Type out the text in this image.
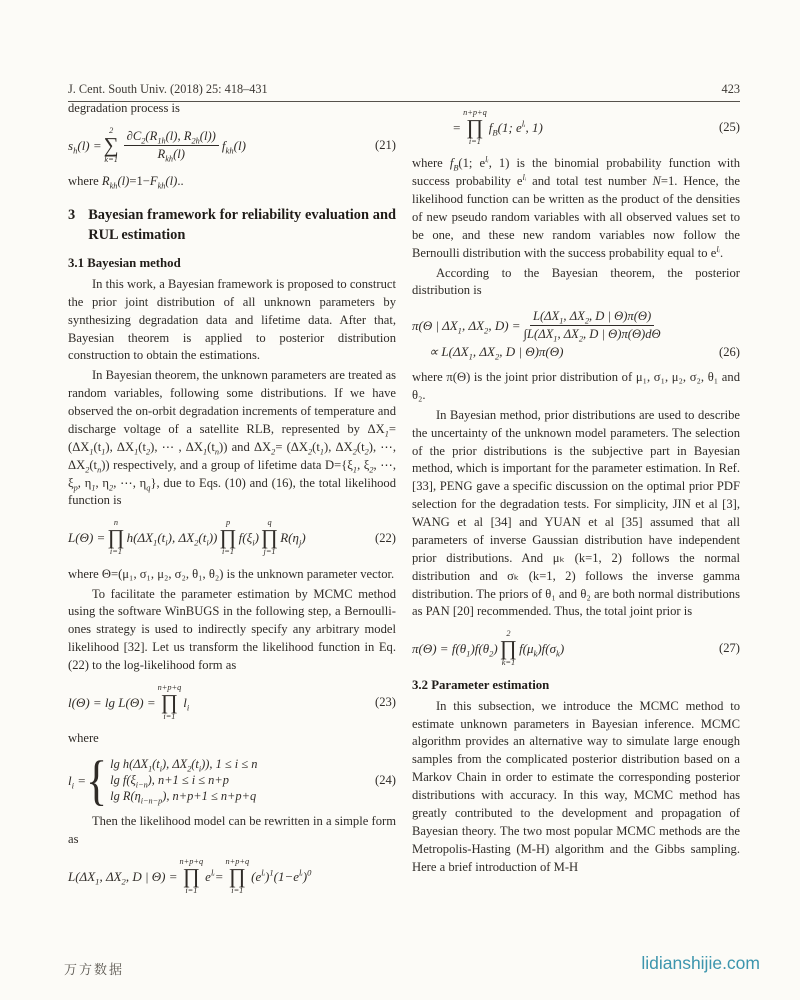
J. Cent. South Univ. (2018) 25: 418–431	423

degradation process is

$s_h(l)$ =
2
∑
$k=1 \frac{\partial C_2(R_{1h}(l), R_{2h}(l))}{R_{kh}(l)} f_{kh}(l)$	(21)

where $R_{kh}(l)=1-F_{kh}(l)$..

3 Bayesian framework for reliability evaluation and RUL estimation

3.1 Bayesian method

In this work, a Bayesian framework is proposed to construct the prior joint distribution of all unknown parameters by synthesizing degradation data and lifetime data. After that, Bayesian theorem is applied to posterior distribution construction to obtain the estimations.

In Bayesian theorem, the unknown parameters are treated as random variables, following some distributions. If we have observed the on-orbit degradation increments of temperature and discharge voltage of a satellite RLB, represented by $\Delta X_1=(\Delta X_1(t_1)$, $\Delta X_1(t_2)$, ⋯ , $\Delta X_1(t_n)$) and $\Delta X_2= (\Delta X_2(t_1)$, $\Delta X_2(t_2)$, ⋯, $\Delta X_2(t_n)$) respectively, and a group of lifetime data $D=\{\xi_1$, $\xi_2$, ⋯, $\xi_p$, $\eta_1$, $\eta_2$, ⋯, $\eta_q$}, due to Eqs. (10) and (16), the total likelihood function is

L(Θ) =
n
∏
i=1
$h(\Delta X_1(t_i)$, $\Delta X_2(t_i)$)
p
∏
i=1
$f(\xi_i)$
q
∏
j=1
$R(\eta_j)$	(22)

where Θ=(μ₁, σ₁, μ₂, σ₂, θ₁, θ₂) is the unknown parameter vector.

To facilitate the parameter estimation by MCMC method using the software WinBUGS in the following step, a Bernoulli-ones strategy is used to indirectly specify any arbitrary model likelihood [32]. Let us transform the likelihood function in Eq. (22) to the log-likelihood form as

l(Θ) = lg L(Θ) =
n+p+q
∏
i=1
$l_i$	(23)

where

$l_i$ = { $\lg h(\Delta X_1(t_i)$, $\Delta X_2(t_i)$), 1 ≤ i ≤ n
$\lg f(\xi_{i-n})$, n+1 ≤ i ≤ n+p
$\lg R(\eta_{i-n-p})$, n+p+1 ≤ n+p+q
(24)

Then the likelihood model can be rewritten in a simple form as

$L(\Delta X_1$, $\Delta X_2$, D | Θ) =
n+p+q
∏
i=1
$e^{lᵢ}$ =
n+p+q
∏
i=1
$(e^{lᵢ})^1(1-e^{lᵢ})^0$
=
n+p+q
∏
i=1
$f_B(1$; $e^{lᵢ}$, 1)	(25)

where $f_B(1$; $e^{lᵢ}$, 1) is the binomial probability function with success probability $e^{lᵢ}$ and total test number N=1. Hence, the likelihood function can be written as the product of the densities of new pseudo random variables with all observed values set to be one, and these new random variables now follow the Bernoulli distribution with the success probability equal to $e^{lᵢ}$.

According to the Bayesian theorem, the posterior distribution is

π(Θ | $\Delta X_1$, $\Delta X_2$, $D) = \frac{L(\Delta X_1, \Delta X_2, D | \Theta)\pi(\Theta)}{\int L(\Delta X_1, \Delta X_2, D | \Theta)\pi(\Theta)d\Theta}$
∝ $L(\Delta X_1$, $\Delta X_2$, D | Θ)π(Θ)	(26)

where π(Θ) is the joint prior distribution of μ₁, σ₁, μ₂, σ₂, θ₁ and θ₂.

In Bayesian method, prior distributions are used to describe the uncertainty of the unknown model parameters. The selection of the prior distributions is the subjective part in Bayesian method, which is important for the parameter estimation. In Ref. [33], PENG gave a specific discussion on the optimal prior PDF selection for the degradation tests. For simplicity, JIN et al [3], WANG et al [34] and YUAN et al [35] assumed that all parameters of inverse Gaussian distribution have independent prior distributions. And μₖ (k=1, 2) follows the normal distribution and σₖ (k=1, 2) follows the inverse gamma distribution. The priors of θ₁ and θ₂ are both normal distributions as PAN [20] recommended. Thus, the total joint prior is

$\pi(\Theta) = f(\theta_1)f(\theta_2)$
2
∏
k=1
$f(\mu_k)f(\sigma_k)$	(27)

3.2 Parameter estimation

In this subsection, we introduce the MCMC method to estimate unknown parameters in Bayesian inference. MCMC algorithm provides an alternative way to simulate large enough samples from the complicated posterior distribution based on a Markov Chain in order to estimate the corresponding posterior distributions with accuracy. In this way, MCMC method has greatly contributed to the development and propagation of Bayesian theory. The two most popular MCMC methods are the Metropolis-Hasting (M-H) algorithm and the Gibbs sampling. Here a brief introduction of M-H

万方数据	lidianshijie.com
